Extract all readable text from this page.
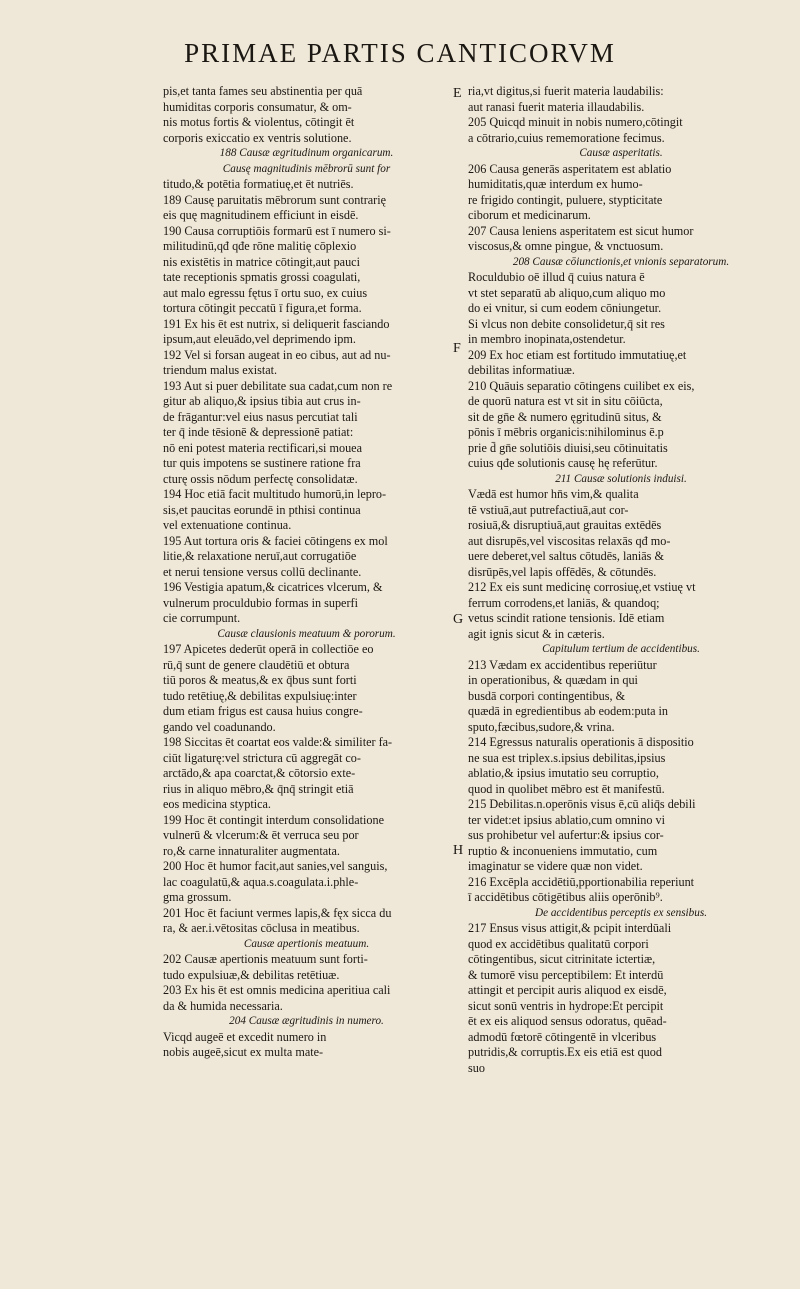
PRIMAE PARTIS CANTICORVM
E
F
G
H
pis,et tanta fames seu abstinentia per quā
humiditas corporis consumatur, & om-
nis motus fortis & violentus, cōtingit ēt
corporis exiccatio ex ventris solutione.
188 Causæ ægritudinum organicarum.
Causę magnitudinis mēbrorū sunt for
titudo,& potētia formatiuę,et ēt nutriēs.
189 Causę paruitatis mēbrorum sunt contrarię
eis quę magnitudinem efficiunt in eisdē.
190 Causa corruptiōis formarū est ī numero si-
militudinū,qđ qđe rōne malitię cōplexio
nis existētis in matrice cōtingit,aut pauci
tate receptionis spmatis grossi coagulati,
aut malo egressu fętus ī ortu suo, ex cuius
tortura cōtingit peccatū ī figura,et forma.
191 Ex his ēt est nutrix, si deliquerit fasciando
ipsum,aut eleuādo,vel deprimendo ipm.
192 Vel si forsan augeat in eo cibus, aut ad nu-
triendum malus existat.
193 Aut si puer debilitate sua cadat,cum non re
gitur ab aliquo,& ipsius tibia aut crus in-
de frāgantur:vel eius nasus percutiat tali
ter q̄ inde tēsionē & depressionē patiat:
nō eni potest materia rectificari,si mouea
tur quis impotens se sustinere ratione fra
cturę ossis nōdum perfectę consolidatæ.
194 Hoc etiā facit multitudo humorū,in lepro-
sis,et paucitas eorundē in pthisi continua
vel extenuatione continua.
195 Aut tortura oris & faciei cōtingens ex mol
litie,& relaxatione neruī,aut corrugatiōe
et nerui tensione versus collū declinante.
196 Vestigia apatum,& cicatrices vlcerum, &
vulnerum proculdubio formas in superfi
cie corrumpunt.
Causæ clausionis meatuum & pororum.
197 Apicetes dederūt operā in collectiōe eo
rū,q̄ sunt de genere claudētiū et obtura
tiū poros & meatus,& ex q̄bus sunt forti
tudo retētiuę,& debilitas expulsiuę:inter
dum etiam frigus est causa huius congre-
gando vel coadunando.
198 Siccitas ēt coartat eos valde:& similiter fa-
ciūt ligaturę:vel strictura cū aggregāt co-
arctādo,& apa coarctat,& cōtorsio exte-
rius in aliquo mēbro,& q̄nq̄ stringit etiā
eos medicina styptica.
199 Hoc ēt contingit interdum consolidatione
vulnerū & vlcerum:& ēt verruca seu por
ro,& carne innaturaliter augmentata.
200 Hoc ēt humor facit,aut sanies,vel sanguis,
lac coagulatū,& aqua.s.coagulata.i.phle-
gma grossum.
201 Hoc ēt faciunt vermes lapis,& fęx sicca du
ra, & aer.i.vētositas cōclusa in meatibus.
Causæ apertionis meatuum.
202 Causæ apertionis meatuum sunt forti-
tudo expulsiuæ,& debilitas retētiuæ.
203 Ex his ēt est omnis medicina aperitiua cali
da & humida necessaria.
204 Causæ ægritudinis in numero.
Vicqd augeē et excedit numero in
nobis augeē,sicut ex multa mate-
ria,vt digitus,si fuerit materia laudabilis:
aut ranasi fuerit materia illaudabilis.
205 Quicqd minuit in nobis numero,cōtingit
a cōtrario,cuius rememoratione fecimus.
Causæ asperitatis.
206 Causa generās asperitatem est ablatio
humiditatis,quæ interdum ex humo-
re frigido contingit, puluere, stypticitate
ciborum et medicinarum.
207 Causa leniens asperitatem est sicut humor
viscosus,& omne pingue, & vnctuosum.
208 Causæ cōiunctionis,et vnionis separatorum.
Roculdubio oē illud q̄ cuius natura ē
vt stet separatū ab aliquo,cum aliquo mo
do ei vnitur, si cum eodem cōniungetur.
Si vlcus non debite consolidetur,q̄ sit res
in membro inopinata,ostendetur.
209 Ex hoc etiam est fortitudo immutatiuę,et
debilitas informatiuæ.
210 Quāuis separatio cōtingens cuilibet ex eis,
de quorū natura est vt sit in situ cōiūcta,
sit de gn̄e & numero ęgritudinū situs, &
pōnis ī mēbris organicis:nihilominus ē.p
prie d̄ gn̄e solutiōis diuisi,seu cōtinuitatis
cuius qđe solutionis causę hę referūtur.
211 Causæ solutionis induisi.
Vædā est humor hn̄s vim,& qualita
tē vstiuā,aut putrefactiuā,aut cor-
rosiuā,& disruptiuā,aut grauitas extēdēs
aut disrupēs,vel viscositas relaxās qđ mo-
uere deberet,vel saltus cōtudēs, laniās &
disrūpēs,vel lapis offēdēs, & cōtundēs.
212 Ex eis sunt medicinę corrosiuę,et vstiuę vt
ferrum corrodens,et laniās, & quandoq;
vetus scindit ratione tensionis. Idē etiam
agit ignis sicut & in cæteris.
Capitulum tertium de accidentibus.
213 Vædam ex accidentibus reperiūtur
in operationibus, & quædam in qui
busdā corpori contingentibus, &
quædā in egredientibus ab eodem:puta in
sputo,fæcibus,sudore,& vrina.
214 Egressus naturalis operationis ā dispositio
ne sua est triplex.s.ipsius debilitas,ipsius
ablatio,& ipsius imutatio seu corruptio,
quod in quolibet mēbro est ēt manifestū.
215 Debilitas.n.operōnis visus ē,cū aliq̄s debili
ter videt:et ipsius ablatio,cum omnino vi
sus prohibetur vel aufertur:& ipsius cor-
ruptio & inconueniens immutatio, cum
imaginatur se videre quæ non videt.
216 Excēpla accidētiū,pportionabilia reperiunt
ī accidētibus cōtigētibus aliis operōnib⁹.
De accidentibus perceptis ex sensibus.
217 Ensus visus attigit,& pcipit interdūali
quod ex accidētibus qualitatū corpori
cōtingentibus, sicut citrinitate ictertiæ,
& tumorē visu perceptibilem: Et interdū
attingit et percipit auris aliquod ex eisdē,
sicut sonū ventris in hydrope:Et percipit
ēt ex eis aliquod sensus odoratus, quēad-
admodū fœtorē cōtingentē in vlceribus
putridis,& corruptis.Ex eis etiā est quod
suo
